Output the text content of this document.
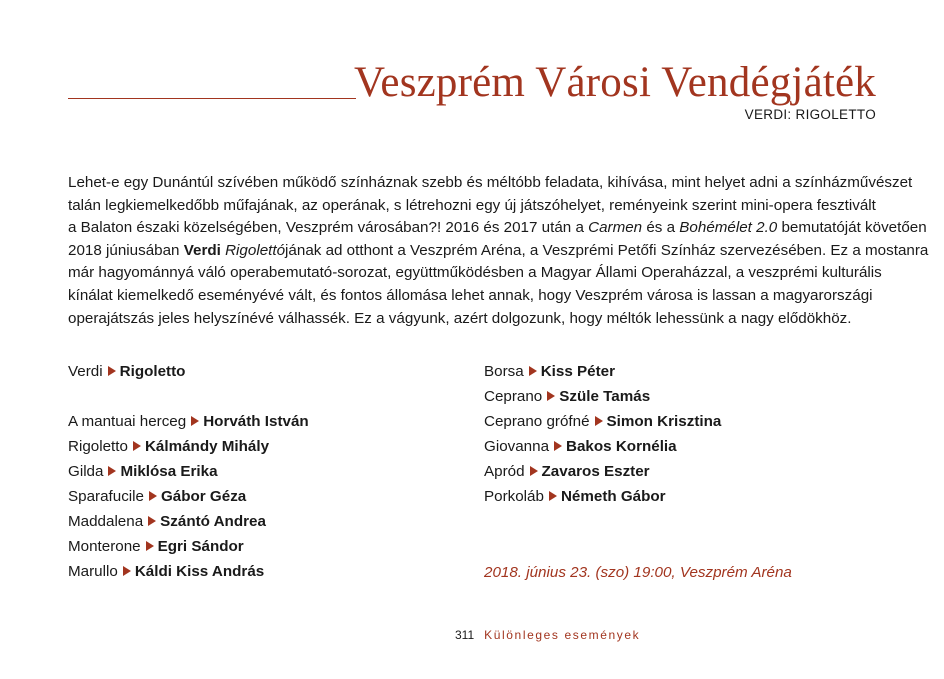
Veszprém Városi Vendégjáték
VERDI: RIGOLETTO

Lehet-e egy Dunántúl szívében működő színháznak szebb és méltóbb feladata, kihívása, mint helyet adni a színházművészet
talán legkiemelkedőbb műfajának, az operának, s létrehozni egy új játszóhelyet, reményeink szerint mini-opera fesztivált
a Balaton északi közelségében, Veszprém városában?! 2016 és 2017 után a Carmen és a Bohémélet 2.0 bemutatóját követően
2018 júniusában Verdi Rigolettójának ad otthont a Veszprém Aréna, a Veszprémi Petőfi Színház szervezésében. Ez a mostanra
már hagyománnyá váló operabemutató-sorozat, együttműködésben a Magyar Állami Operaházzal, a veszprémi kulturális
kínálat kiemelkedő eseményévé vált, és fontos állomása lehet annak, hogy Veszprém városa is lassan a magyarországi
operajátszás jeles helyszínévé válhassék. Ez a vágyunk, azért dolgozunk, hogy méltók lehessünk a nagy elődökhöz.

Verdi Rigoletto
A mantuai herceg Horváth István
Rigoletto Kálmándy Mihály
Gilda Miklósa Erika
Sparafucile Gábor Géza
Maddalena Szántó Andrea
Monterone Egri Sándor
Marullo Káldi Kiss András
Borsa Kiss Péter
Ceprano Szüle Tamás
Ceprano grófné Simon Krisztina
Giovanna Bakos Kornélia
Apród Zavaros Eszter
Porkoláb Németh Gábor
2018. június 23. (szo) 19:00, Veszprém Aréna
311 Különleges események
